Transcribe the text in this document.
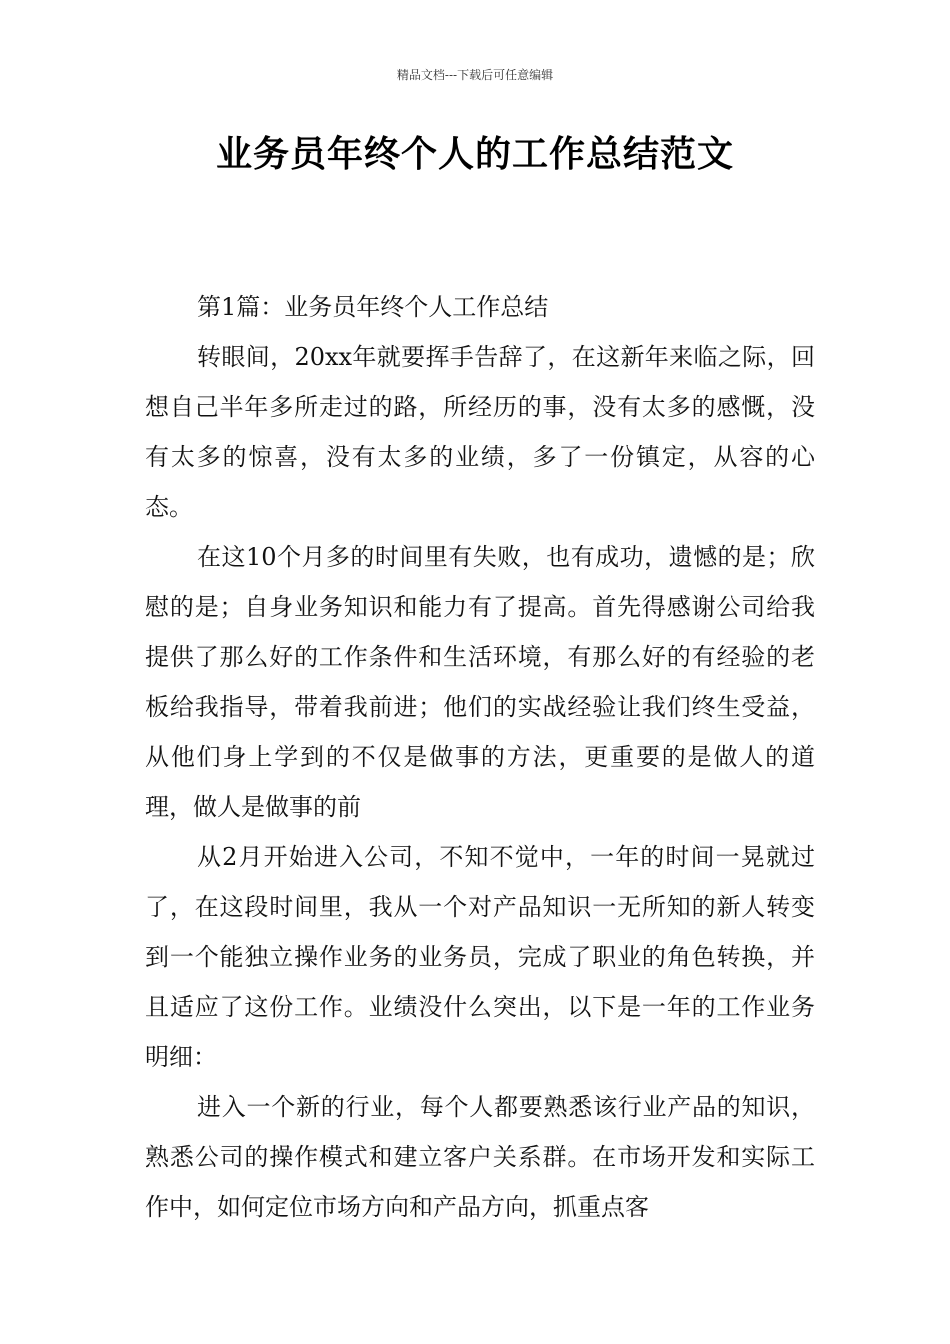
精品文档---下载后可任意编辑
业务员年终个人的工作总结范文

第1篇：业务员年终个人工作总结

转眼间，20xx年就要挥手告辞了，在这新年来临之际，回想自己半年多所走过的路，所经历的事，没有太多的感慨，没有太多的惊喜，没有太多的业绩，多了一份镇定，从容的心态。

在这10个月多的时间里有失败，也有成功，遗憾的是；欣慰的是；自身业务知识和能力有了提高。首先得感谢公司给我提供了那么好的工作条件和生活环境，有那么好的有经验的老板给我指导，带着我前进；他们的实战经验让我们终生受益，从他们身上学到的不仅是做事的方法，更重要的是做人的道理，做人是做事的前

从2月开始进入公司，不知不觉中，一年的时间一晃就过了，在这段时间里，我从一个对产品知识一无所知的新人转变到一个能独立操作业务的业务员，完成了职业的角色转换，并且适应了这份工作。业绩没什么突出，以下是一年的工作业务明细：

进入一个新的行业，每个人都要熟悉该行业产品的知识，熟悉公司的操作模式和建立客户关系群。在市场开发和实际工作中，如何定位市场方向和产品方向，抓重点客
